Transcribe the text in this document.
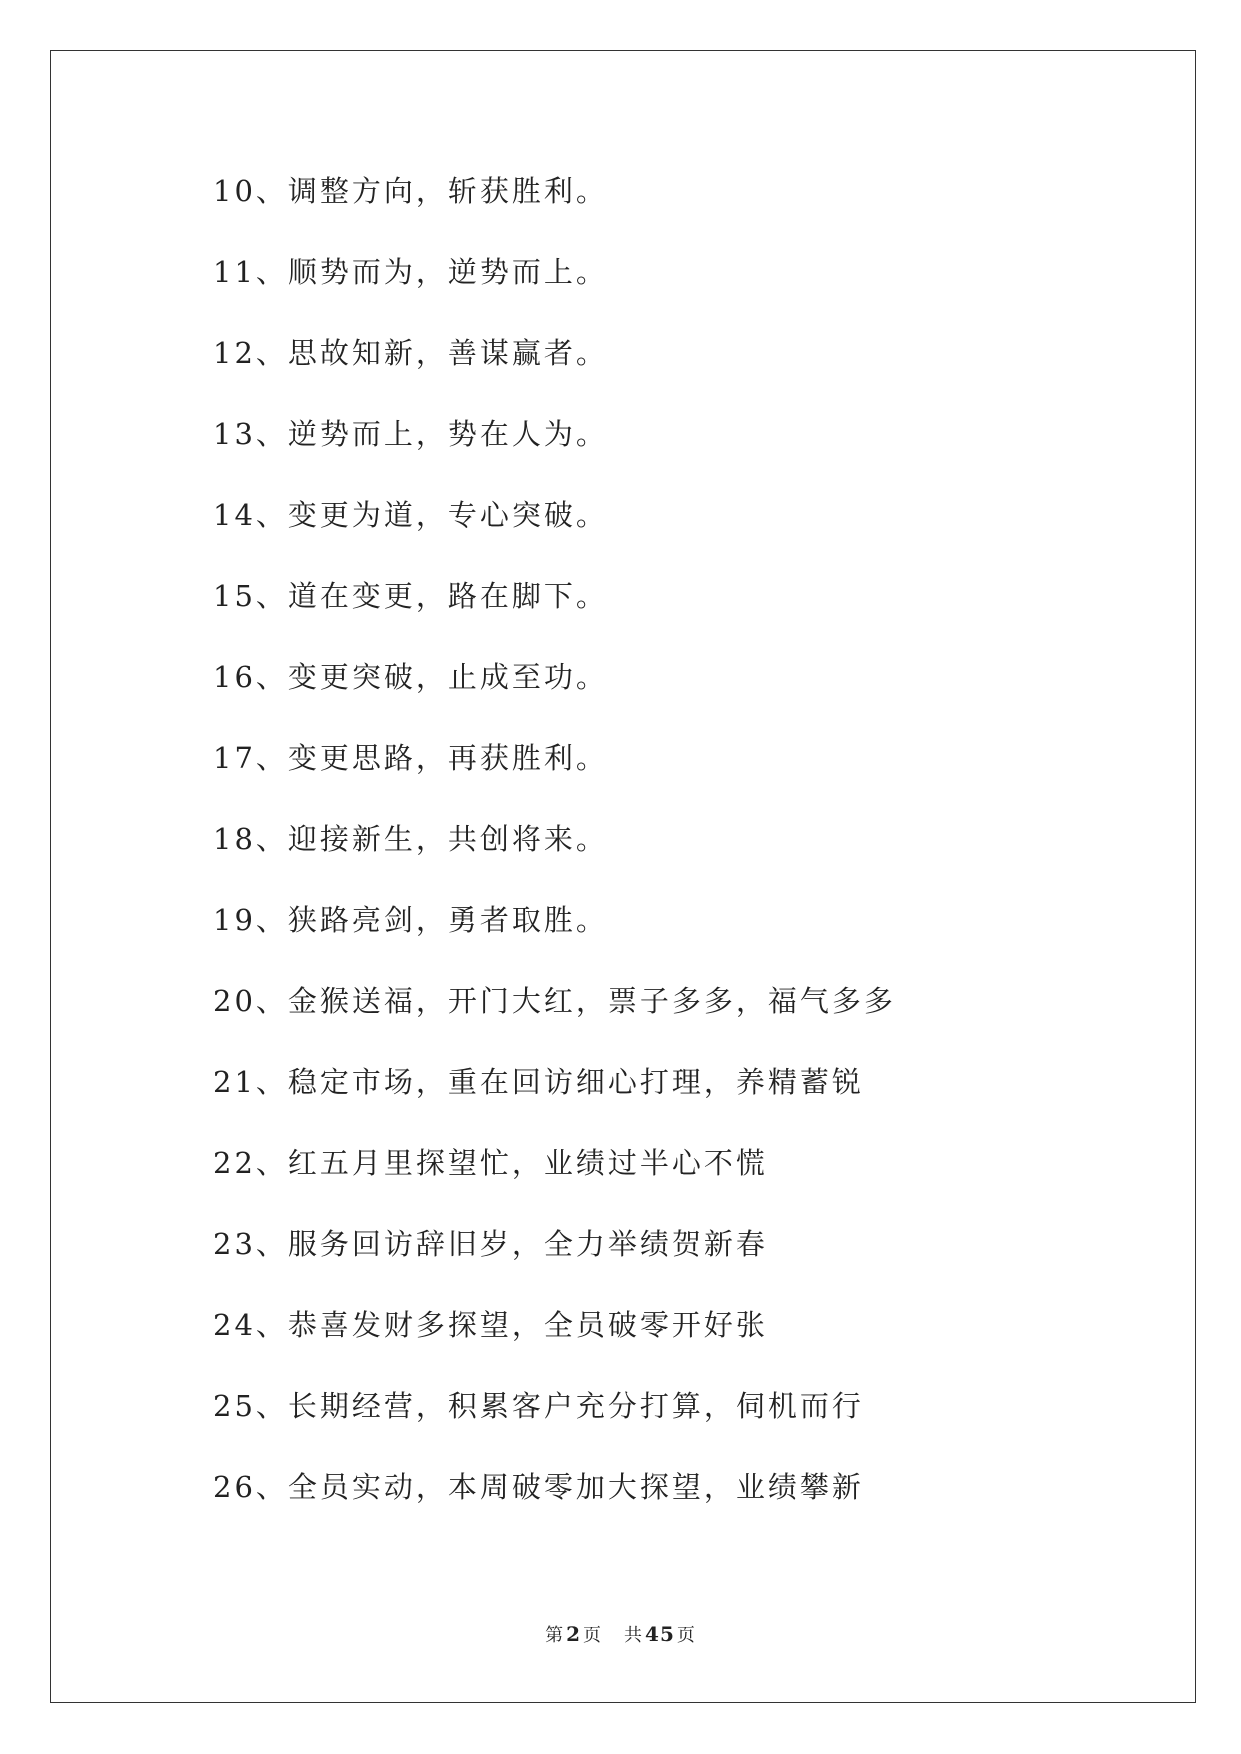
10、调整方向，斩获胜利。
11、顺势而为，逆势而上。
12、思故知新，善谋赢者。
13、逆势而上，势在人为。
14、变更为道，专心突破。
15、道在变更，路在脚下。
16、变更突破，止成至功。
17、变更思路，再获胜利。
18、迎接新生，共创将来。
19、狭路亮剑，勇者取胜。
20、金猴送福，开门大红，票子多多，福气多多
21、稳定市场，重在回访细心打理，养精蓄锐
22、红五月里探望忙，业绩过半心不慌
23、服务回访辞旧岁，全力举绩贺新春
24、恭喜发财多探望，全员破零开好张
25、长期经营，积累客户充分打算，伺机而行
26、全员实动，本周破零加大探望，业绩攀新
第 2 页 共 45 页
